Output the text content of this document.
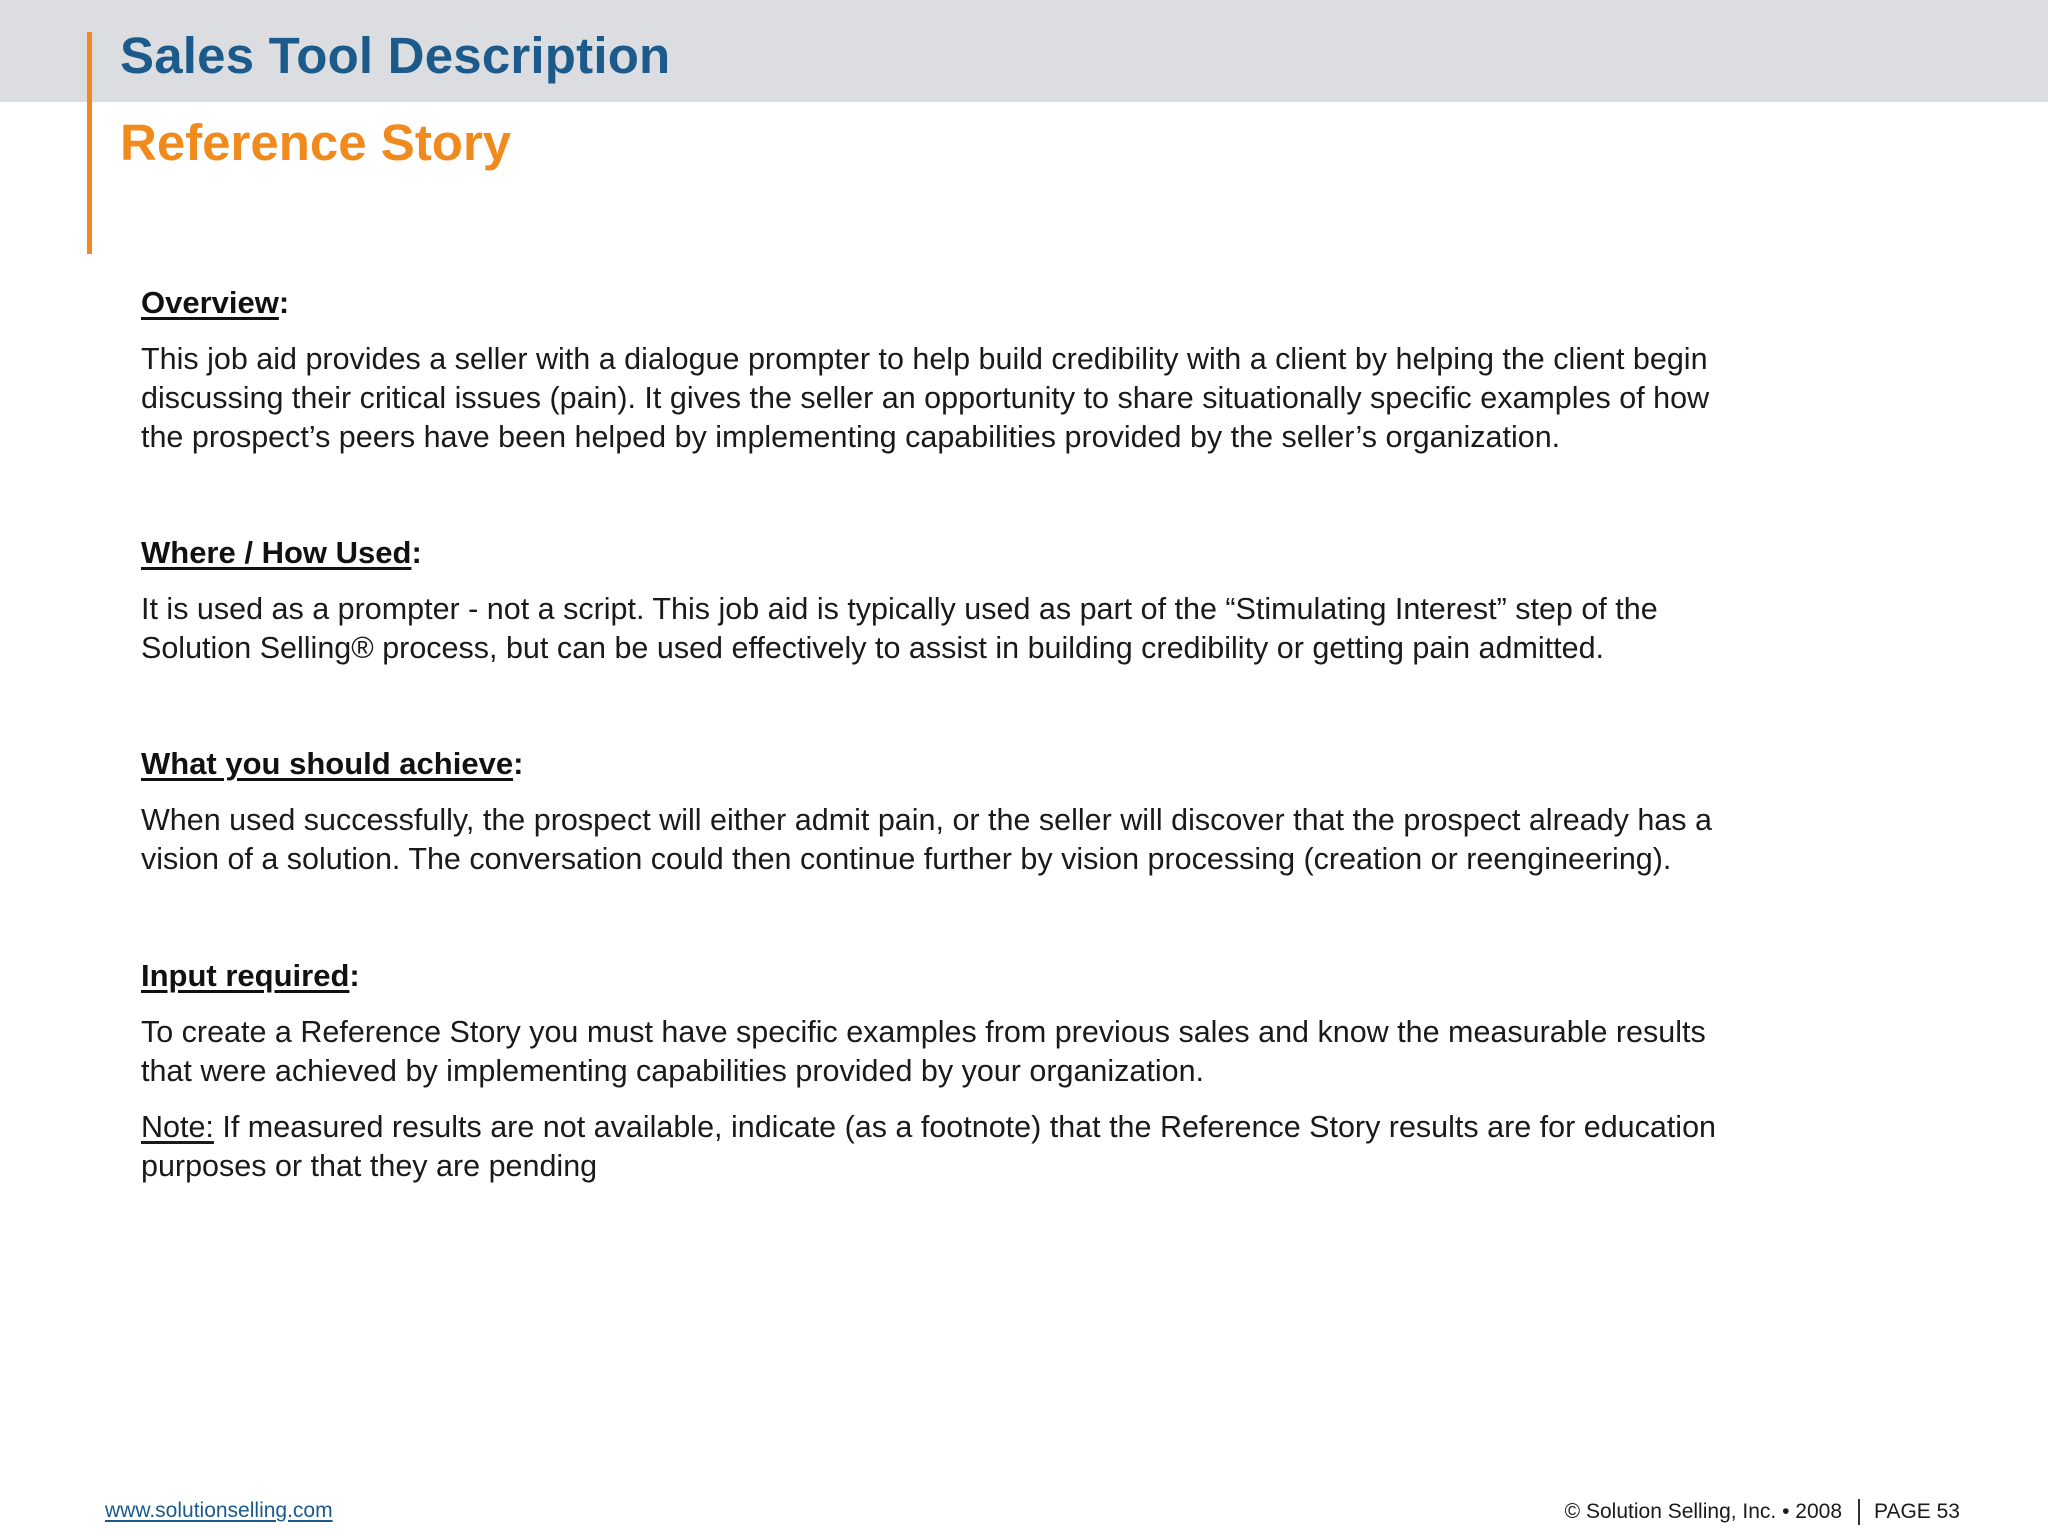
Sales Tool Description
Reference Story
Overview:
This job aid provides a seller with a dialogue prompter to help build credibility with a client by helping the client begin
discussing their critical issues (pain). It gives the seller an opportunity to share situationally specific examples of how
the prospect’s peers have been helped by implementing capabilities provided by the seller’s organization.
Where / How Used:
It is used as a prompter - not a script. This job aid is typically used as part of the “Stimulating Interest” step of the
Solution Selling® process, but can be used effectively to assist in building credibility or getting pain admitted.
What you should achieve:
When used successfully, the prospect will either admit pain, or the seller will discover that the prospect already has a
vision of a solution. The conversation could then continue further by vision processing (creation or reengineering).
Input required:
To create a Reference Story you must have specific examples from previous sales and know the measurable results
that were achieved by implementing capabilities provided by your organization.
Note: If measured results are not available, indicate (as a footnote) that the Reference Story results are for education
purposes or that they are pending
www.solutionselling.com	© Solution Selling, Inc. • 2008 PAGE 53
